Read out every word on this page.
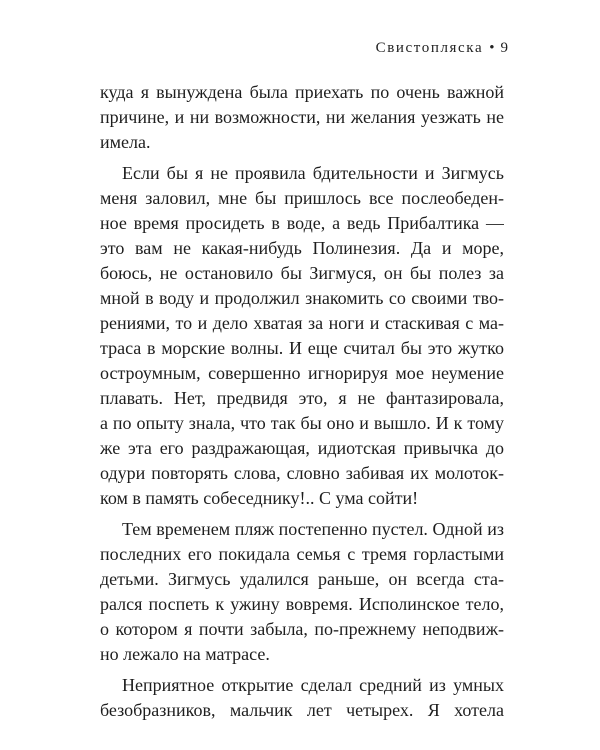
Свистопляска • 9
куда я вынуждена была приехать по очень важной
причине, и ни возможности, ни желания уезжать не
имела.
Если бы я не проявила бдительности и Зигмусь
меня заловил, мне бы пришлось все послеобеден-
ное время просидеть в воде, а ведь Прибалтика —
это вам не какая-нибудь Полинезия. Да и море,
боюсь, не остановило бы Зигмуся, он бы полез за
мной в воду и продолжил знакомить со своими тво-
рениями, то и дело хватая за ноги и стаскивая с ма-
траса в морские волны. И еще считал бы это жутко
остроумным, совершенно игнорируя мое неумение
плавать. Нет, предвидя это, я не фантазировала,
а по опыту знала, что так бы оно и вышло. И к тому
же эта его раздражающая, идиотская привычка до
одури повторять слова, словно забивая их молоток-
ком в память собеседнику!.. С ума сойти!
Тем временем пляж постепенно пустел. Одной из
последних его покидала семья с тремя горластыми
детьми. Зигмусь удалился раньше, он всегда ста-
рался поспеть к ужину вовремя. Исполинское тело,
о котором я почти забыла, по-прежнему неподвиж-
но лежало на матрасе.
Неприятное открытие сделал средний из умных
безобразников, мальчик лет четырех. Я хотела
